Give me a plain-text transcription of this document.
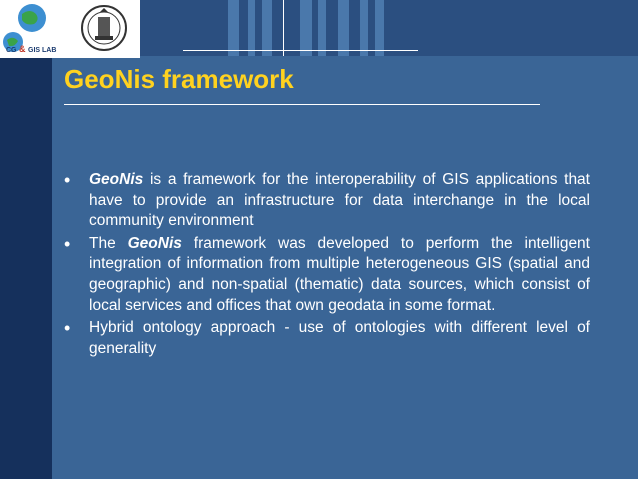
CG & GIS LAB
GeoNis framework
•	GeoNis is a framework for the interoperability of GIS applications that have to provide an infrastructure for data interchange in the local community environment
•	The GeoNis framework was developed to perform the intelligent integration of information from multiple heterogeneous GIS (spatial and geographic) and non-spatial (thematic) data sources, which consist of local services and offices that own geodata in some format.
•	Hybrid ontology approach - use of ontologies with different level of generality
